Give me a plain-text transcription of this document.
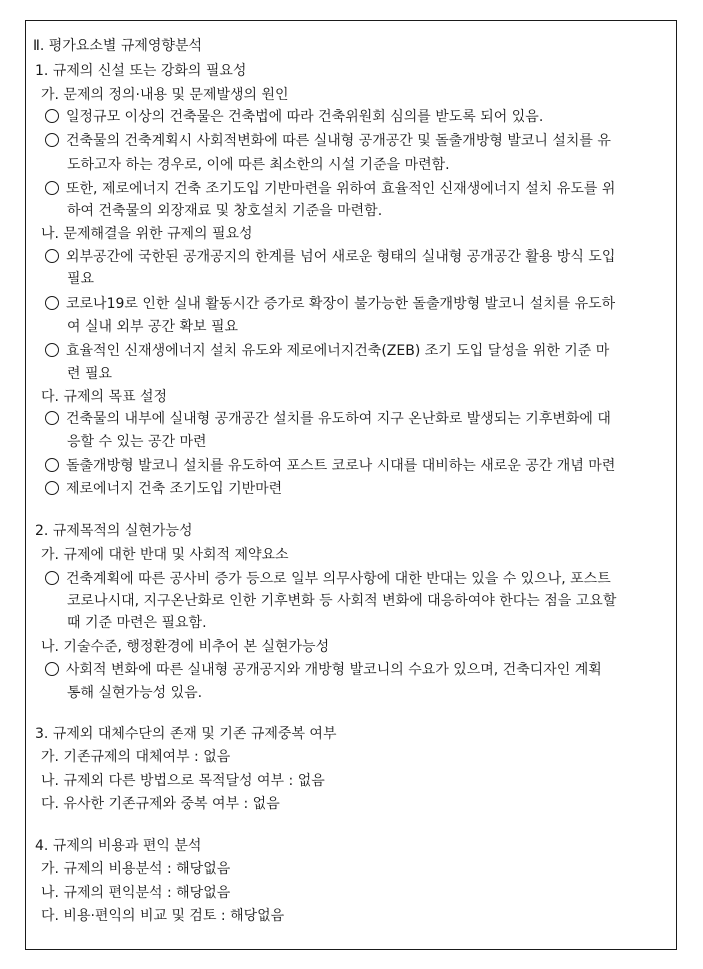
Ⅱ. 평가요소별 규제영향분석
1. 규제의 신설 또는 강화의 필요성
가. 문제의 정의·내용 및 문제발생의 원인
일정규모 이상의 건축물은 건축법에 따라 건축위원회 심의를 받도록 되어 있음.
건축물의 건축계획시 사회적변화에 따른 실내형 공개공간 및 돌출개방형 발코니 설치를 유
도하고자 하는 경우로, 이에 따른 최소한의 시설 기준을 마련함.
또한, 제로에너지 건축 조기도입 기반마련을 위하여 효율적인 신재생에너지 설치 유도를 위
하여 건축물의 외장재료 및 창호설치 기준을 마련함.
나. 문제해결을 위한 규제의 필요성
외부공간에 국한된 공개공지의 한계를 넘어 새로운 형태의 실내형 공개공간 활용 방식 도입
필요
코로나19로 인한 실내 활동시간 증가로 확장이 불가능한 돌출개방형 발코니 설치를 유도하
여 실내 외부 공간 확보 필요
효율적인 신재생에너지 설치 유도와 제로에너지건축(ZEB) 조기 도입 달성을 위한 기준 마
련 필요
다. 규제의 목표 설정
건축물의 내부에 실내형 공개공간 설치를 유도하여 지구 온난화로 발생되는 기후변화에 대
응할 수 있는 공간 마련
돌출개방형 발코니 설치를 유도하여 포스트 코로나 시대를 대비하는 새로운 공간 개념 마련
제로에너지 건축 조기도입 기반마련
2. 규제목적의 실현가능성
가. 규제에 대한 반대 및 사회적 제약요소
건축계획에 따른 공사비 증가 등으로 일부 의무사항에 대한 반대는 있을 수 있으나, 포스트
코로나시대, 지구온난화로 인한 기후변화 등 사회적 변화에 대응하여야 한다는 점을 고요할
때 기준 마련은 필요함.
나. 기술수준, 행정환경에 비추어 본 실현가능성
사회적 변화에 따른 실내형 공개공지와 개방형 발코니의 수요가 있으며, 건축디자인 계획
통해 실현가능성 있음.
3. 규제외 대체수단의 존재 및 기존 규제중복 여부
가. 기존규제의 대체여부 : 없음
나. 규제외 다른 방법으로 목적달성 여부 : 없음
다. 유사한 기존규제와 중복 여부 : 없음
4. 규제의 비용과 편익 분석
가. 규제의 비용분석 : 해당없음
나. 규제의 편익분석 : 해당없음
다. 비용·편익의 비교 및 검토 : 해당없음
